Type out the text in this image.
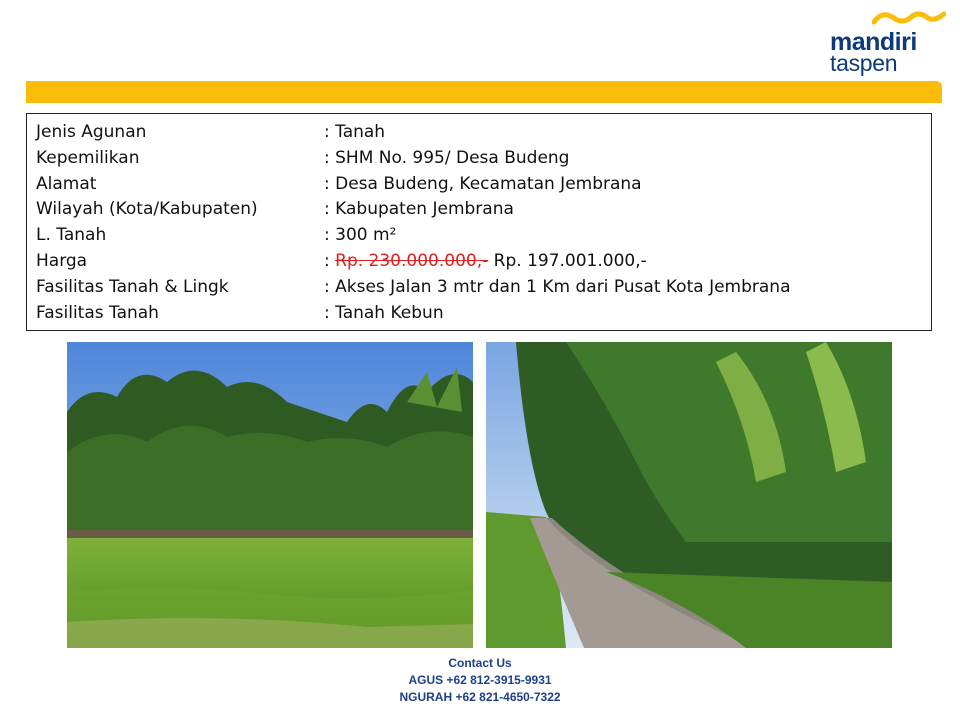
mandiri
taspen
Jenis Agunan	: Tanah
Kepemilikan	: SHM No. 995/ Desa Budeng
Alamat	: Desa Budeng, Kecamatan Jembrana
Wilayah (Kota/Kabupaten)	: Kabupaten Jembrana
L. Tanah	: 300 m²
Harga	: Rp. 230.000.000,- Rp. 197.001.000,-
Fasilitas Tanah & Lingk	: Akses Jalan 3 mtr dan 1 Km dari Pusat Kota Jembrana
Fasilitas Tanah	: Tanah Kebun
Contact Us
AGUS +62 812-3915-9931
NGURAH +62 821-4650-7322
